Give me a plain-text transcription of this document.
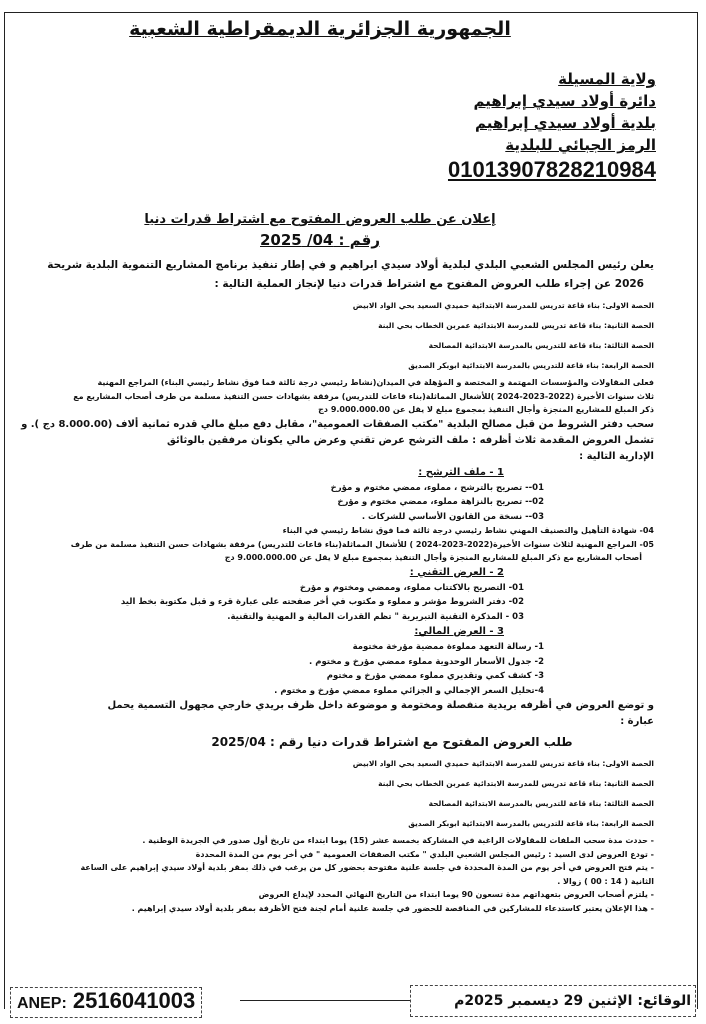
الجمهورية الجزائرية الديمقراطية الشعبية
ولاية المسيلة
دائرة أولاد سيدي إبراهيم
بلدية أولاد سيدي إبراهيم
الرمز الجبائي للبلدية
01013907828210984
إعلان عن طلب العروض المفتوح مع اشتراط قدرات دنيا
رقم : 04/ 2025
يعلن رئيس المجلس الشعبي البلدي لبلدية أولاد سيدي ابراهيم و في إطار تنفيذ برنامج المشاريع التنموية البلدية شريحة
2026 عن إجراء طلب العروض المفتوح مع اشتراط قدرات دنيا لإنجاز العملية التالية :
الحصة الاولى: بناء قاعة تدريس للمدرسة الابتدائية حميدي السعيد بحي الواد الابيض
الحصة الثانية: بناء قاعة تدريس للمدرسة الابتدائية عمربن الخطاب بحي البنة
الحصة الثالثة: بناء قاعة للتدريس بالمدرسة الابتدائية المصالحة
الحصة الرابعة: بناء قاعة للتدريس بالمدرسة الابتدائية ابوبكر الصديق
فعلى المقاولات والمؤسسات المهتمة و المختصة و المؤهلة في الميدان(نشاط رئيسي درجة ثالثة فما فوق نشاط رئيسي البناء) المراجع المهنية
ثلاث سنوات الأخيرة (2022-2023-2024 )للأشغال المماثلة(بناء قاعات للتدريس) مرفقة بشهادات حسن التنفيذ مسلمة من طرف أصحاب المشاريع مع
ذكر المبلغ للمشاريع المنجزة وأجال التنفيذ بمجموع مبلغ لا يقل عن 9.000.000.00 دج
سحب دفتر الشروط من قبل مصالح البلدية "مكتب الصفقات العمومية"، مقابل دفع مبلغ مالي قدره ثمانية ألاف (8.000.00 دج ). و
تشمل العروض المقدمة ثلاث أظرفه : ملف الترشح عرض تقني وعرض مالي يكونان مرفقين بالوثائق
الإدارية التالية :
1 - ملف الترشح :
01-- تصريح بالترشح ، مملوء، ممضي مختوم و مؤرخ
02-- تصريح بالنزاهة مملوء، ممضي مختوم و مؤرخ
03-- نسخة من القانون الأساسي للشركات .
04- شهادة التأهيل والتصنيف المهني نشاط رئيسي درجة ثالثة فما فوق نشاط رئيسي في البناء
05- المراجع المهنية لثلاث سنوات الأخيرة(2022-2023-2024 ) للأشغال المماثلة(بناء قاعات للتدريس) مرفقة بشهادات حسن التنفيذ مسلمة من طرف
أصحاب المشاريع مع ذكر المبلغ للمشاريع المنجزة وأجال التنفيذ بمجموع مبلغ لا يقل عن 9.000.000.00 دج
2 - العرض التقني :
01- التصريح بالاكتتاب مملوء، وممضي ومختوم و مؤرخ
02- دفتر الشروط مؤشر و مملوء و مكتوب في أخر صفحته على عبارة قرء و قبل مكتوبة بخط اليد
03 - المذكرة التقنية التبريرية " تظم القدرات المالية و المهنية والتقنية.
3 - العرض المالي:
1- رسالة التعهد مملوءة ممضية مؤرخة مختومة
2- جدول الأسعار الوحدوية مملوء ممضي مؤرخ و مختوم .
3- كشف كمي وتقديري مملوء ممضي مؤرخ و مختوم
4-تحليل السعر الإجمالي و الجزائي مملوء ممضي مؤرخ و مختوم .
و توضع العروض في أظرفه بريدية منفصلة ومختومة و موضوعة داخل ظرف بريدي خارجي مجهول التسمية يحمل
عبارة :
طلب العروض المفتوح مع اشتراط قدرات دنيا رقم : 2025/04
الحصة الاولى: بناء قاعة تدريس للمدرسة الابتدائية حميدي السعيد بحي الواد الابيض
الحصة الثانية: بناء قاعة تدريس للمدرسة الابتدائية عمربن الخطاب بحي البنة
الحصة الثالثة: بناء قاعة للتدريس بالمدرسة الابتدائية المصالحة
الحصة الرابعة: بناء قاعة للتدريس بالمدرسة الابتدائية ابوبكر الصديق
- حددت مدة سحب الملفات للمقاولات الراغبة في المشاركة بخمسة عشر (15) يوما ابتداء من تاريخ أول صدور في الجريدة الوطنية .
- تودع العروض لدى السيد : رئيس المجلس الشعبي البلدي " مكتب الصفقات العمومية " في أخر يوم من المدة المحددة
- يتم فتح العروض في أخر يوم من المدة المحددة في جلسة علنية مفتوحة بحضور كل من يرغب في ذلك بمقر بلدية أولاد سيدي إبراهيم على الساعة
الثانية ( 14 : 00 ) زوالا .
- يلتزم أصحاب العروض بتعهداتهم مدة تسعون 90 يوما ابتداء من التاريخ النهائي المحدد لإيداع العروض
- هذا الإعلان يعتبر كاستدعاء للمشاركين في المناقصة للحضور في جلسة علنية أمام لجنة فتح الأظرفة بمقر بلدية أولاد سيدي إبراهيم .
ANEP: 2516041003	الوقائع: الإثنين 29 ديسمبر 2025م
